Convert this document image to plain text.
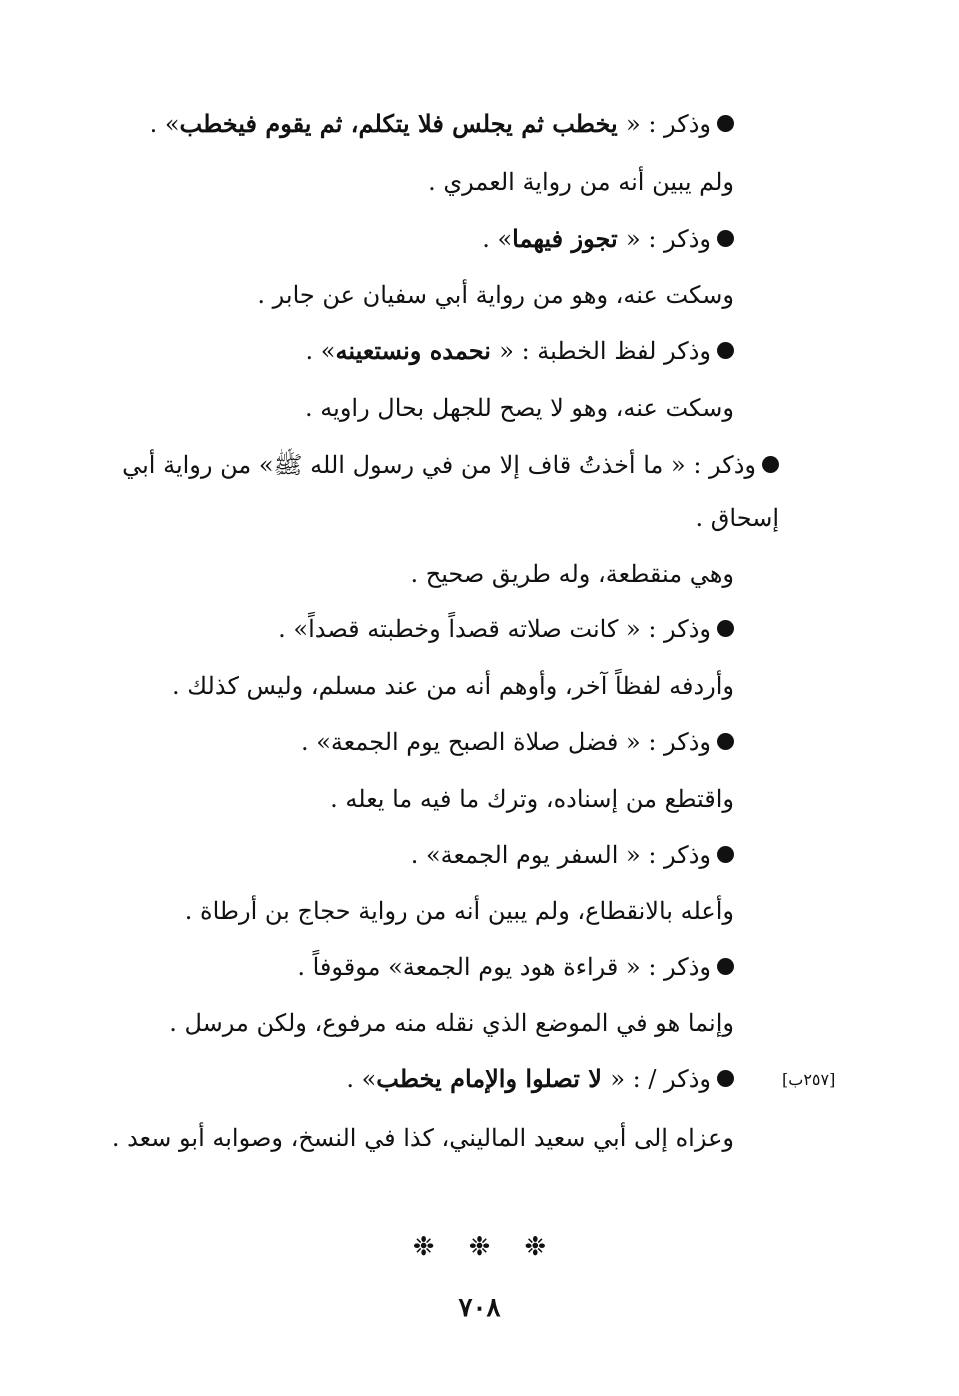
وذكر : « يخطب ثم يجلس فلا يتكلم، ثم يقوم فيخطب» .
ولم يبين أنه من رواية العمري .
وذكر : « تجوز فيهما» .
وسكت عنه، وهو من رواية أبي سفيان عن جابر .
وذكر لفظ الخطبة : « نحمده ونستعينه» .
وسكت عنه، وهو لا يصح للجهل بحال راويه .
وذكر : « ما أخذتُ قاف إلا من في رسول الله ﷺ» من رواية أبي
إسحاق .
وهي منقطعة، وله طريق صحيح .
وذكر : « كانت صلاته قصداً وخطبته قصداً» .
وأردفه لفظاً آخر، وأوهم أنه من عند مسلم، وليس كذلك .
وذكر : « فضل صلاة الصبح يوم الجمعة» .
واقتطع من إسناده، وترك ما فيه ما يعله .
وذكر : « السفر يوم الجمعة» .
وأعله بالانقطاع، ولم يبين أنه من رواية حجاج بن أرطاة .
وذكر : « قراءة هود يوم الجمعة» موقوفاً .
وإنما هو في الموضع الذي نقله منه مرفوع، ولكن مرسل .
وذكر / : « لا تصلوا والإمام يخطب» .	[٢٥٧ب]
وعزاه إلى أبي سعيد الماليني، كذا في النسخ، وصوابه أبو سعد .
❉ ❉ ❉
٧٠٨
